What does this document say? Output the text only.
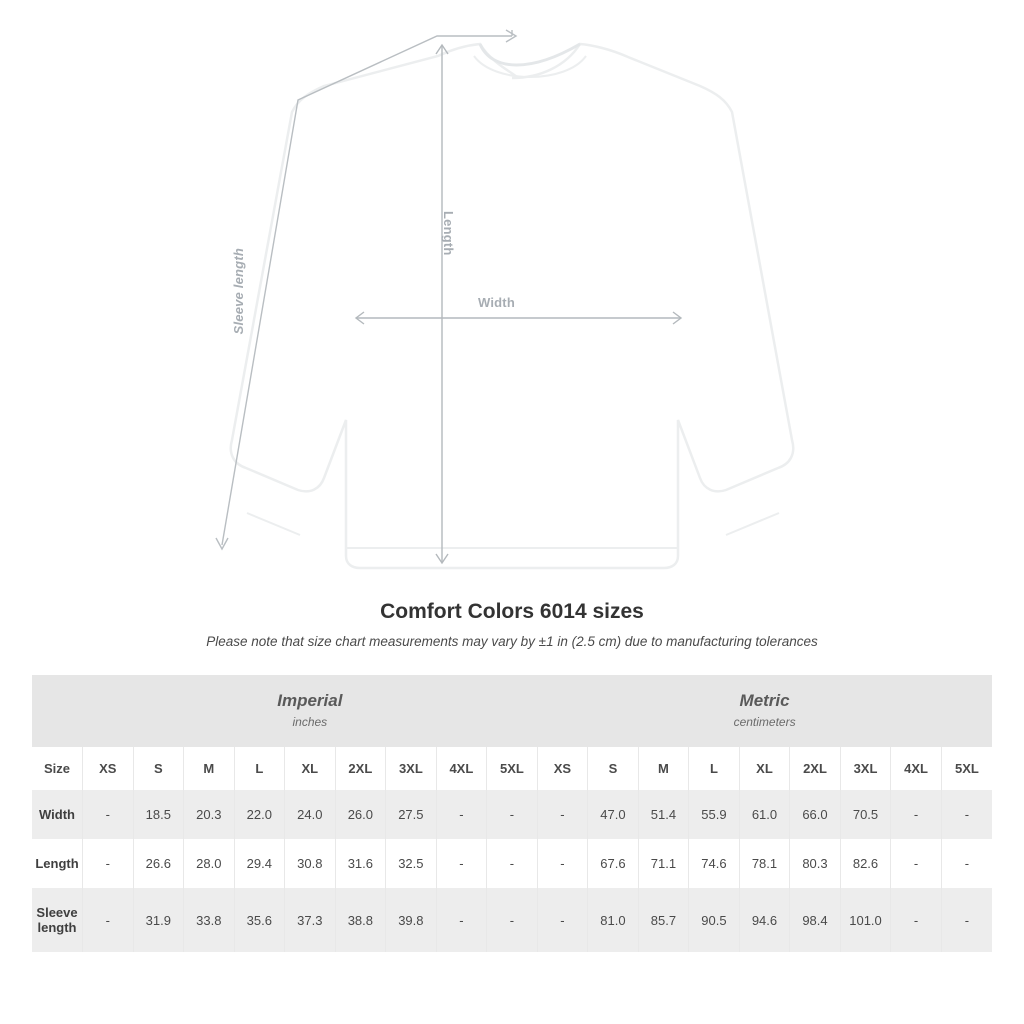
Width
Length
Sleeve length
Comfort Colors 6014 sizes
Please note that size chart measurements may vary by ±1 in (2.5 cm) due to manufacturing tolerances

	Imperial
inches									Metric
centimeters								

Size	XS	S	M	L	XL	2XL	3XL	4XL	5XL	XS	S	M	L	XL	2XL	3XL	4XL	5XL
Width	-	18.5	20.3	22.0	24.0	26.0	27.5	-	-	-	47.0	51.4	55.9	61.0	66.0	70.5	-	-
Length	-	26.6	28.0	29.4	30.8	31.6	32.5	-	-	-	67.6	71.1	74.6	78.1	80.3	82.6	-	-
Sleeve length	-	31.9	33.8	35.6	37.3	38.8	39.8	-	-	-	81.0	85.7	90.5	94.6	98.4	101.0	-	-
